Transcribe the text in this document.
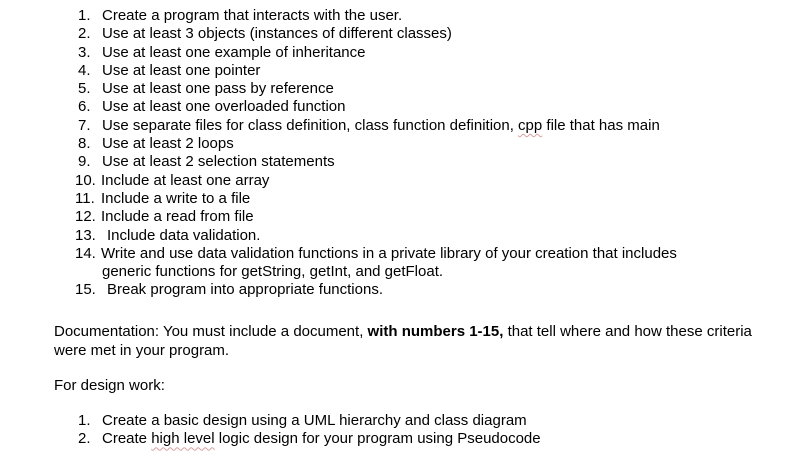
1. Create a program that interacts with the user.
2. Use at least 3 objects (instances of different classes)
3. Use at least one example of inheritance
4. Use at least one pointer
5. Use at least one pass by reference
6. Use at least one overloaded function
7. Use separate files for class definition, class function definition, cpp file that has main
8. Use at least 2 loops
9. Use at least 2 selection statements
10. Include at least one array
11. Include a write to a file
12. Include a read from file
13. Include data validation.
14. Write and use data validation functions in a private library of your creation that includes
generic functions for getString, getInt, and getFloat.
15. Break program into appropriate functions.

Documentation: You must include a document, with numbers 1-15, that tell where and how these criteria were met in your program.

For design work:

1. Create a basic design using a UML hierarchy and class diagram
2. Create high level logic design for your program using Pseudocode
